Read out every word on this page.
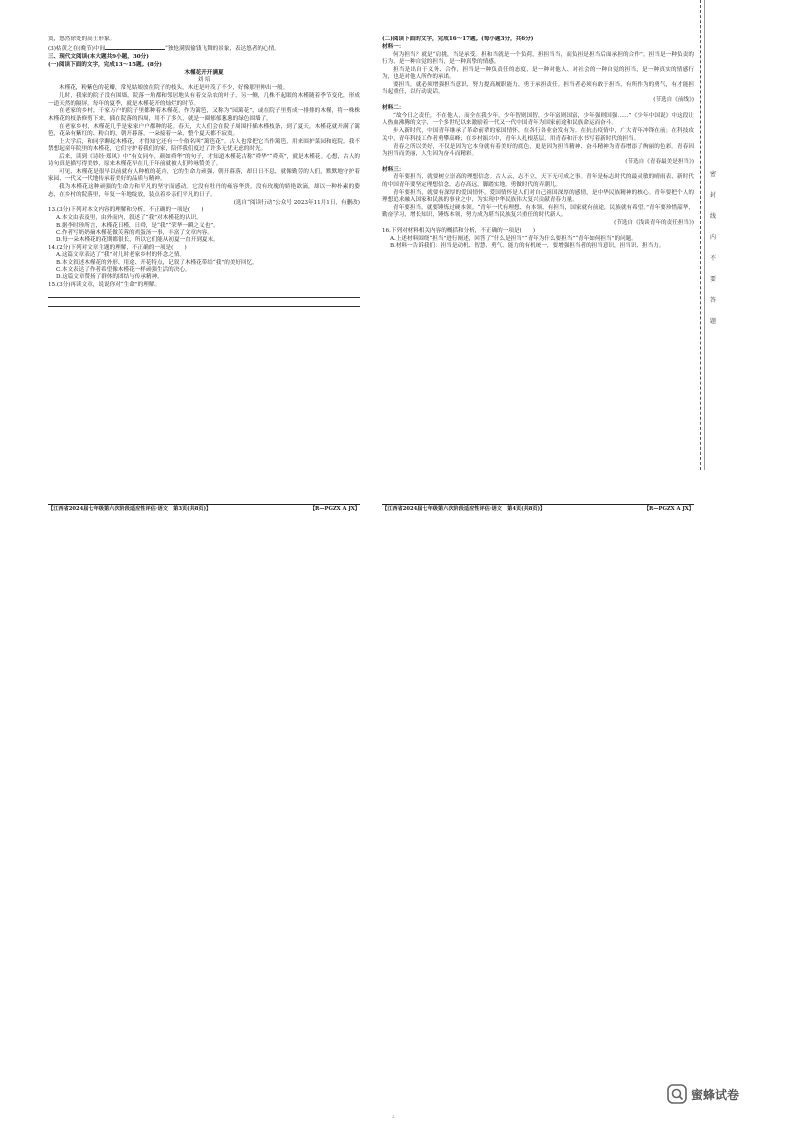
寞，悠然徐处的高士形象。

(3)枯黄之在(晚节)中间	“独怆满鬓偷钱飞舞的景象，表达悠者的心情。

三、现代文阅读(本大题共9小题，30分)

(一)阅读下面的文字，完成13～15题。(8分)

木槿花开开满夏

刘 培

木槿花，粉紫色的花瓣，常见姑娘放在院子的枝头，木还是叶茂了不少，好像那里伸出一般。

儿时，我家的院子没有围墙，院落一角都和邻居地头有着交杂农的叶子，另一侧，几株不起眼的木槿随着季节变化，形成一道天然的隔屏。每年的夏季，就是木槿花开的灿烂的时节。

在老家的乡村，千家万户的院子里都种着木槿花，作为篱笆，又称为“园篱花”，或在院子里剪成一排排的木槿，将一株株木槿花的枝条修剪下来，插在院落的四周，用不了多久，就是一圈郁郁葱葱的绿色围墙了。

在老家乡村，木槿花几乎是家家户户都种的花。春天，大人们会在院子周围扦插木槿枝条，到了夏天，木槿花就开满了篱笆，花朵有紫红的、粉白的，朝开暮落，一朵接着一朵，整个夏天都不寂寞。

上大学后，和同学聊起木槿花，才得知它还有一个俗名叫“篱笆花”。古人也常把它当作篱笆，用来围护菜园和庭院。我不禁想起童年院里的木槿花，它们守护着我们的家，陪伴我们度过了许多无忧无虑的时光。

后来，读到《诗经·郑风》中“有女同车，颜如舜华”的句子，才知道木槿花古称“舜华”“舜英”，就是木槿花。心想，古人的诗句真是描写得美妙，原来木槿花早在几千年前就被人们吟咏赞美了。

可见，木槿花是很早以前就有人种植的花卉，它的生命力顽强，朝开暮落，却日日不息，就像勤劳的人们，默默地守护着家园，一代又一代地传承着美好的品质与精神。

我为木槿花这种顽强的生命力和平凡的坚守而感动。它没有牡丹的雍容华贵，没有玫瑰的娇艳欲滴，却以一种朴素的姿态，在乡村的院落里，年复一年地绽放，装点着乡亲们平凡的日子。

(选自“阅读行动”公众号 2023年11月1日，有删改)

13.(3分)下列对本文内容的理解和分析，不正确的一项是(　　)

A.本文由表及里，由外而内，叙述了“我”对木槿花的认识。

B.据李时珍所言，木槿花日槿，日舜，是“我”“荣华一瞬之义也”。

C.作者写奶奶摘木槿花做芙蓉的鸡蛋汤一事，丰富了文章内容。

D.每一朵木槿花的花期都很长，所以它们能从初夏一直开到夏末。

14.(2分)下列对文章主题的理解，不正确的一项是(　　)

A.这篇文章表达了“我”对儿时老家乡村的怀念之情。

B.本文叙述木槿花的外形、用途、开花特点，记叙了木槿花带给“我”的美好回忆。

C.本文表达了作者希望像木槿花一样顽强生活的决心。

D.这篇文章赞扬了群体的团结与传承精神。

15.(3分)再读文章，说说你对“生命”的理解。

【江西省2024届七年级第六次阶段适应性评估·语文　第3页(共8页)】	【R—PGZX A JX】

(二)阅读下面的文字，完成16～17题。(每小题3分，共6分)

材料一：

何为担当？就是“肩挑，当是承受。担和当就是一个负荷，担担当当，而负担是担当后面承担的合作”。担当是一种负责的行为，是一种自觉的担当，是一种真挚的情感。

担当是出自于义务、合作，担当是一种负责任的态度，是一种对他人、对社会的一种自觉的担当，是一种真实的情感行为，也是对他人所作的承诺。

要担当，就必须增强担当意识，努力提高履职能力，勇于承担责任。担当者必须有敢于担当，有所作为的勇气，有才能担当起重任，以行动说话。

(节选自《前线》)

材料二：

“故今日之责任，不在他人，而全在我少年。少年智则国智，少年富则国富，少年强则国强……”《少年中国说》中这段让人热血沸腾的文字，一个多世纪以来激励着一代又一代中国青年为国家前途和民族命运而奋斗。

步入新时代，中国青年继承了革命前辈的家国情怀，在各行各业奋发有为。在抗击疫情中，广大青年冲锋在前；在科技攻关中，青年科技工作者勇攀高峰；在乡村振兴中，青年人扎根基层，用青春和汗水书写着新时代的担当。

青春之所以美好，不仅是因为它本身就有着美好的底色，更是因为担当精神、奋斗精神为青春增添了绚丽的色彩。青春因为担当而美丽，人生因为奋斗而精彩。

(节选自《青春最美是担当》)

材料三：

青年要担当，就要树立崇高的理想信念。古人云，志不立，天下无可成之事。青年是标志时代的最灵敏的晴雨表，新时代的中国青年要坚定理想信念，志存高远，脚踏实地，勇做时代的弄潮儿。

青年要担当，就要有深厚的爱国情怀。爱国情怀是人们对自己祖国深厚的感情，是中华民族精神的核心。青年要把个人的理想追求融入国家和民族的事业之中，为实现中华民族伟大复兴贡献青春力量。

青年要担当，就要锤炼过硬本领。“青年一代有理想、有本领、有担当，国家就有前途，民族就有希望。”青年要珍惜韶华，勤奋学习，增长知识，锤炼本领，努力成为堪当民族复兴重任的时代新人。

(节选自《浅谈青年的责任担当》)

16.下列对材料相关内容的概括和分析，不正确的一项是(　　)

A.上述材料围绕“担当”进行阐述，回答了“什么是担当”“青年为什么要担当”“青年如何担当”的问题。

B.材料一告诉我们：担当是动机、智慧、勇气、能力的有机统一，要增强担当者的担当意识，担当识、担当力。

【江西省2024届七年级第六次阶段适应性评估·语文　第4页(共8页)】	【R—PGZX A JX】
密
封
线
内
不
要
答
题
蜜蜂试卷
2
